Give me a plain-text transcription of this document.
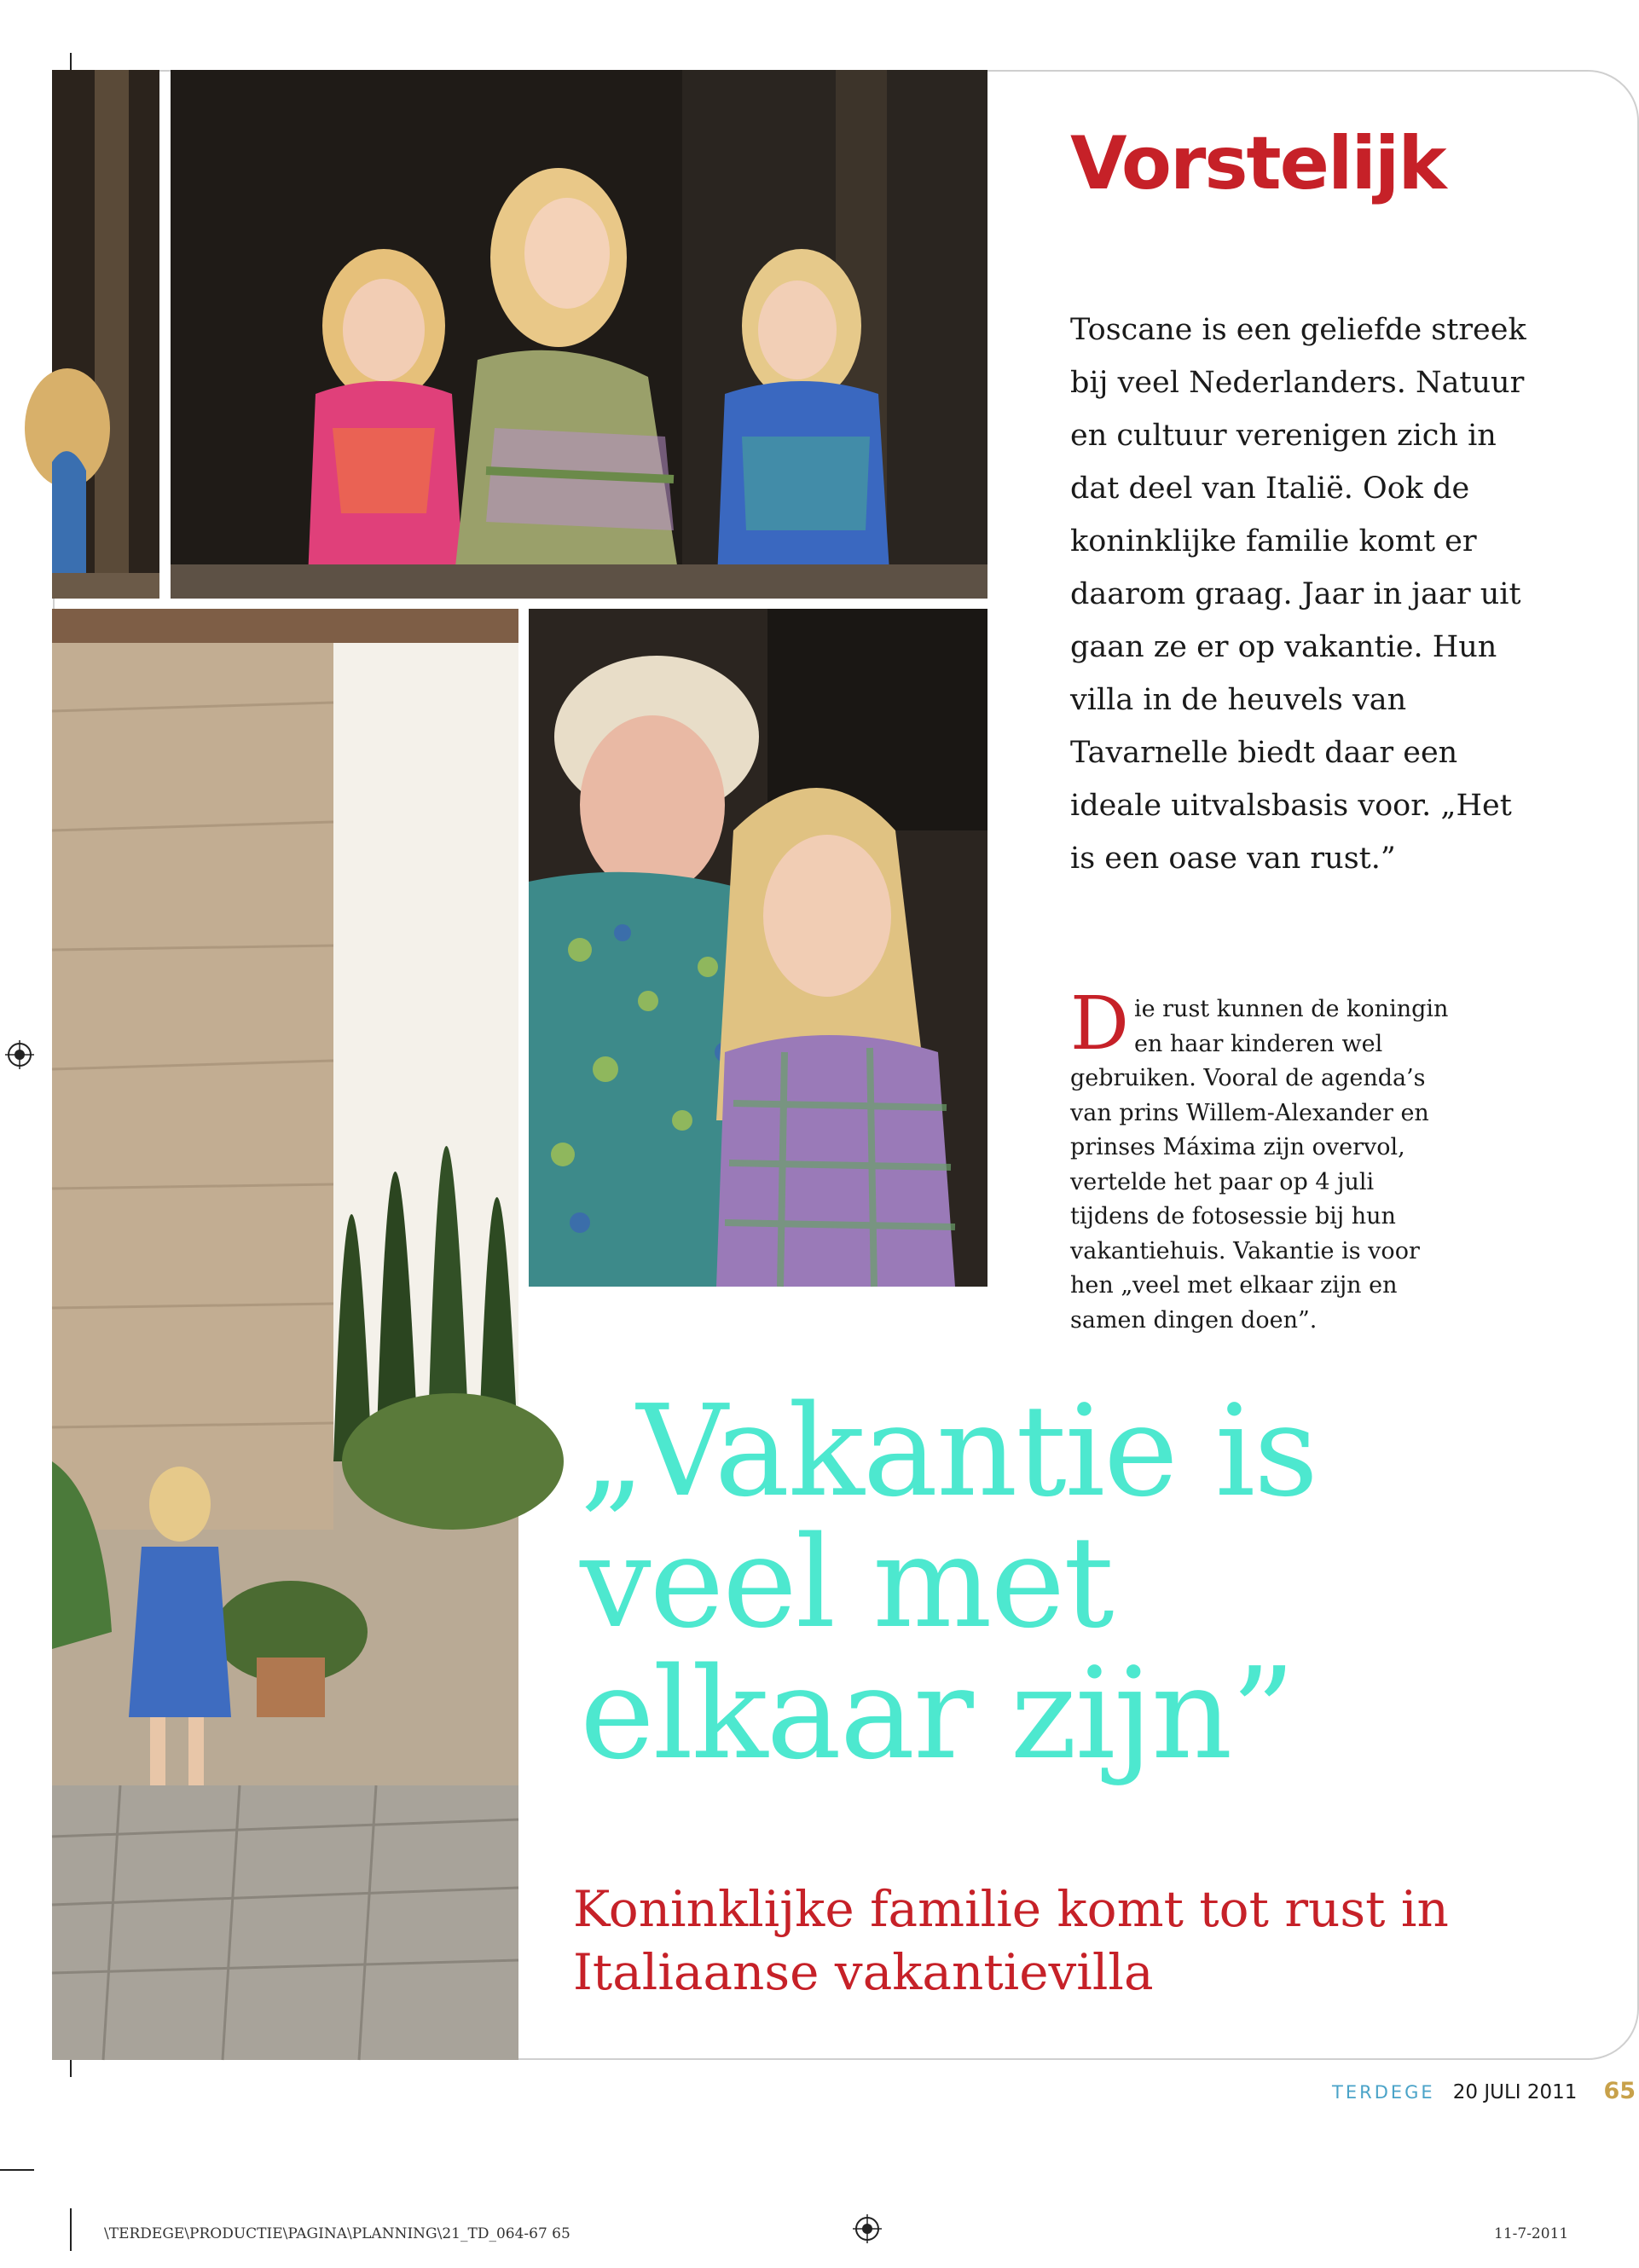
Vorstelijk

Toscane is een geliefde streek bij veel Nederlanders. Natuur en cultuur verenigen zich in dat deel van Italië. Ook de koninklijke familie komt er daarom graag. Jaar in jaar uit gaan ze er op vakantie. Hun villa in de heuvels van Tavarnelle biedt daar een ideale uitvalsbasis voor. „Het is een oase van rust.”

Die rust kunnen de koningin en haar kinderen wel gebruiken. Vooral de agenda’s van prins Willem-Alexander en prinses Máxima zijn overvol, vertelde het paar op 4 juli tijdens de fotosessie bij hun vakantiehuis. Vakantie is voor hen „veel met elkaar zijn en samen dingen doen”.

„Vakantie is veel met elkaar zijn”

Koninklijke familie komt tot rust in Italiaanse vakantievilla

TERDEGE 20 JULI 2011 65
\TERDEGE\PRODUCTIE\PAGINA\PLANNING\21_TD_064-67 65	11-7-2011
